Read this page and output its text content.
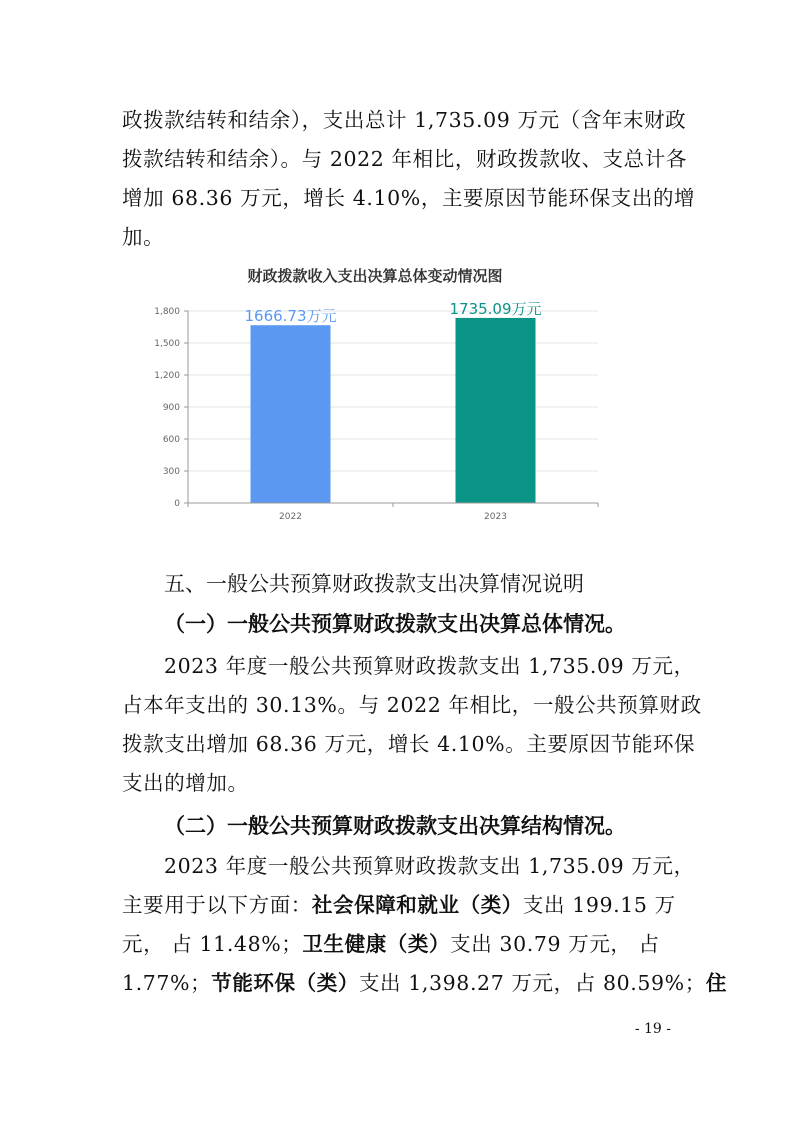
政拨款结转和结余），支出总计 1,735.09 万元（含年末财政
拨款结转和结余）。与 2022 年相比，财政拨款收、支总计各
增加 68.36 万元，增长 4.10%，主要原因节能环保支出的增
加。
财政拨款收入支出决算总体变动情况图
0
300
600
900
1,200
1,500
1,800	1666.73万元	1735.09万元
2022	2023
五、一般公共预算财政拨款支出决算情况说明
（一）一般公共预算财政拨款支出决算总体情况。
2023 年度一般公共预算财政拨款支出 1,735.09 万元，
占本年支出的 30.13%。与 2022 年相比，一般公共预算财政
拨款支出增加 68.36 万元，增长 4.10%。主要原因节能环保
支出的增加。
（二）一般公共预算财政拨款支出决算结构情况。
2023 年度一般公共预算财政拨款支出 1,735.09 万元，
主要用于以下方面：社会保障和就业（类）支出 199.15 万
元， 占 11.48%；卫生健康（类）支出 30.79 万元， 占
1.77%；节能环保（类）支出 1,398.27 万元，占 80.59%；住
- 19 -
